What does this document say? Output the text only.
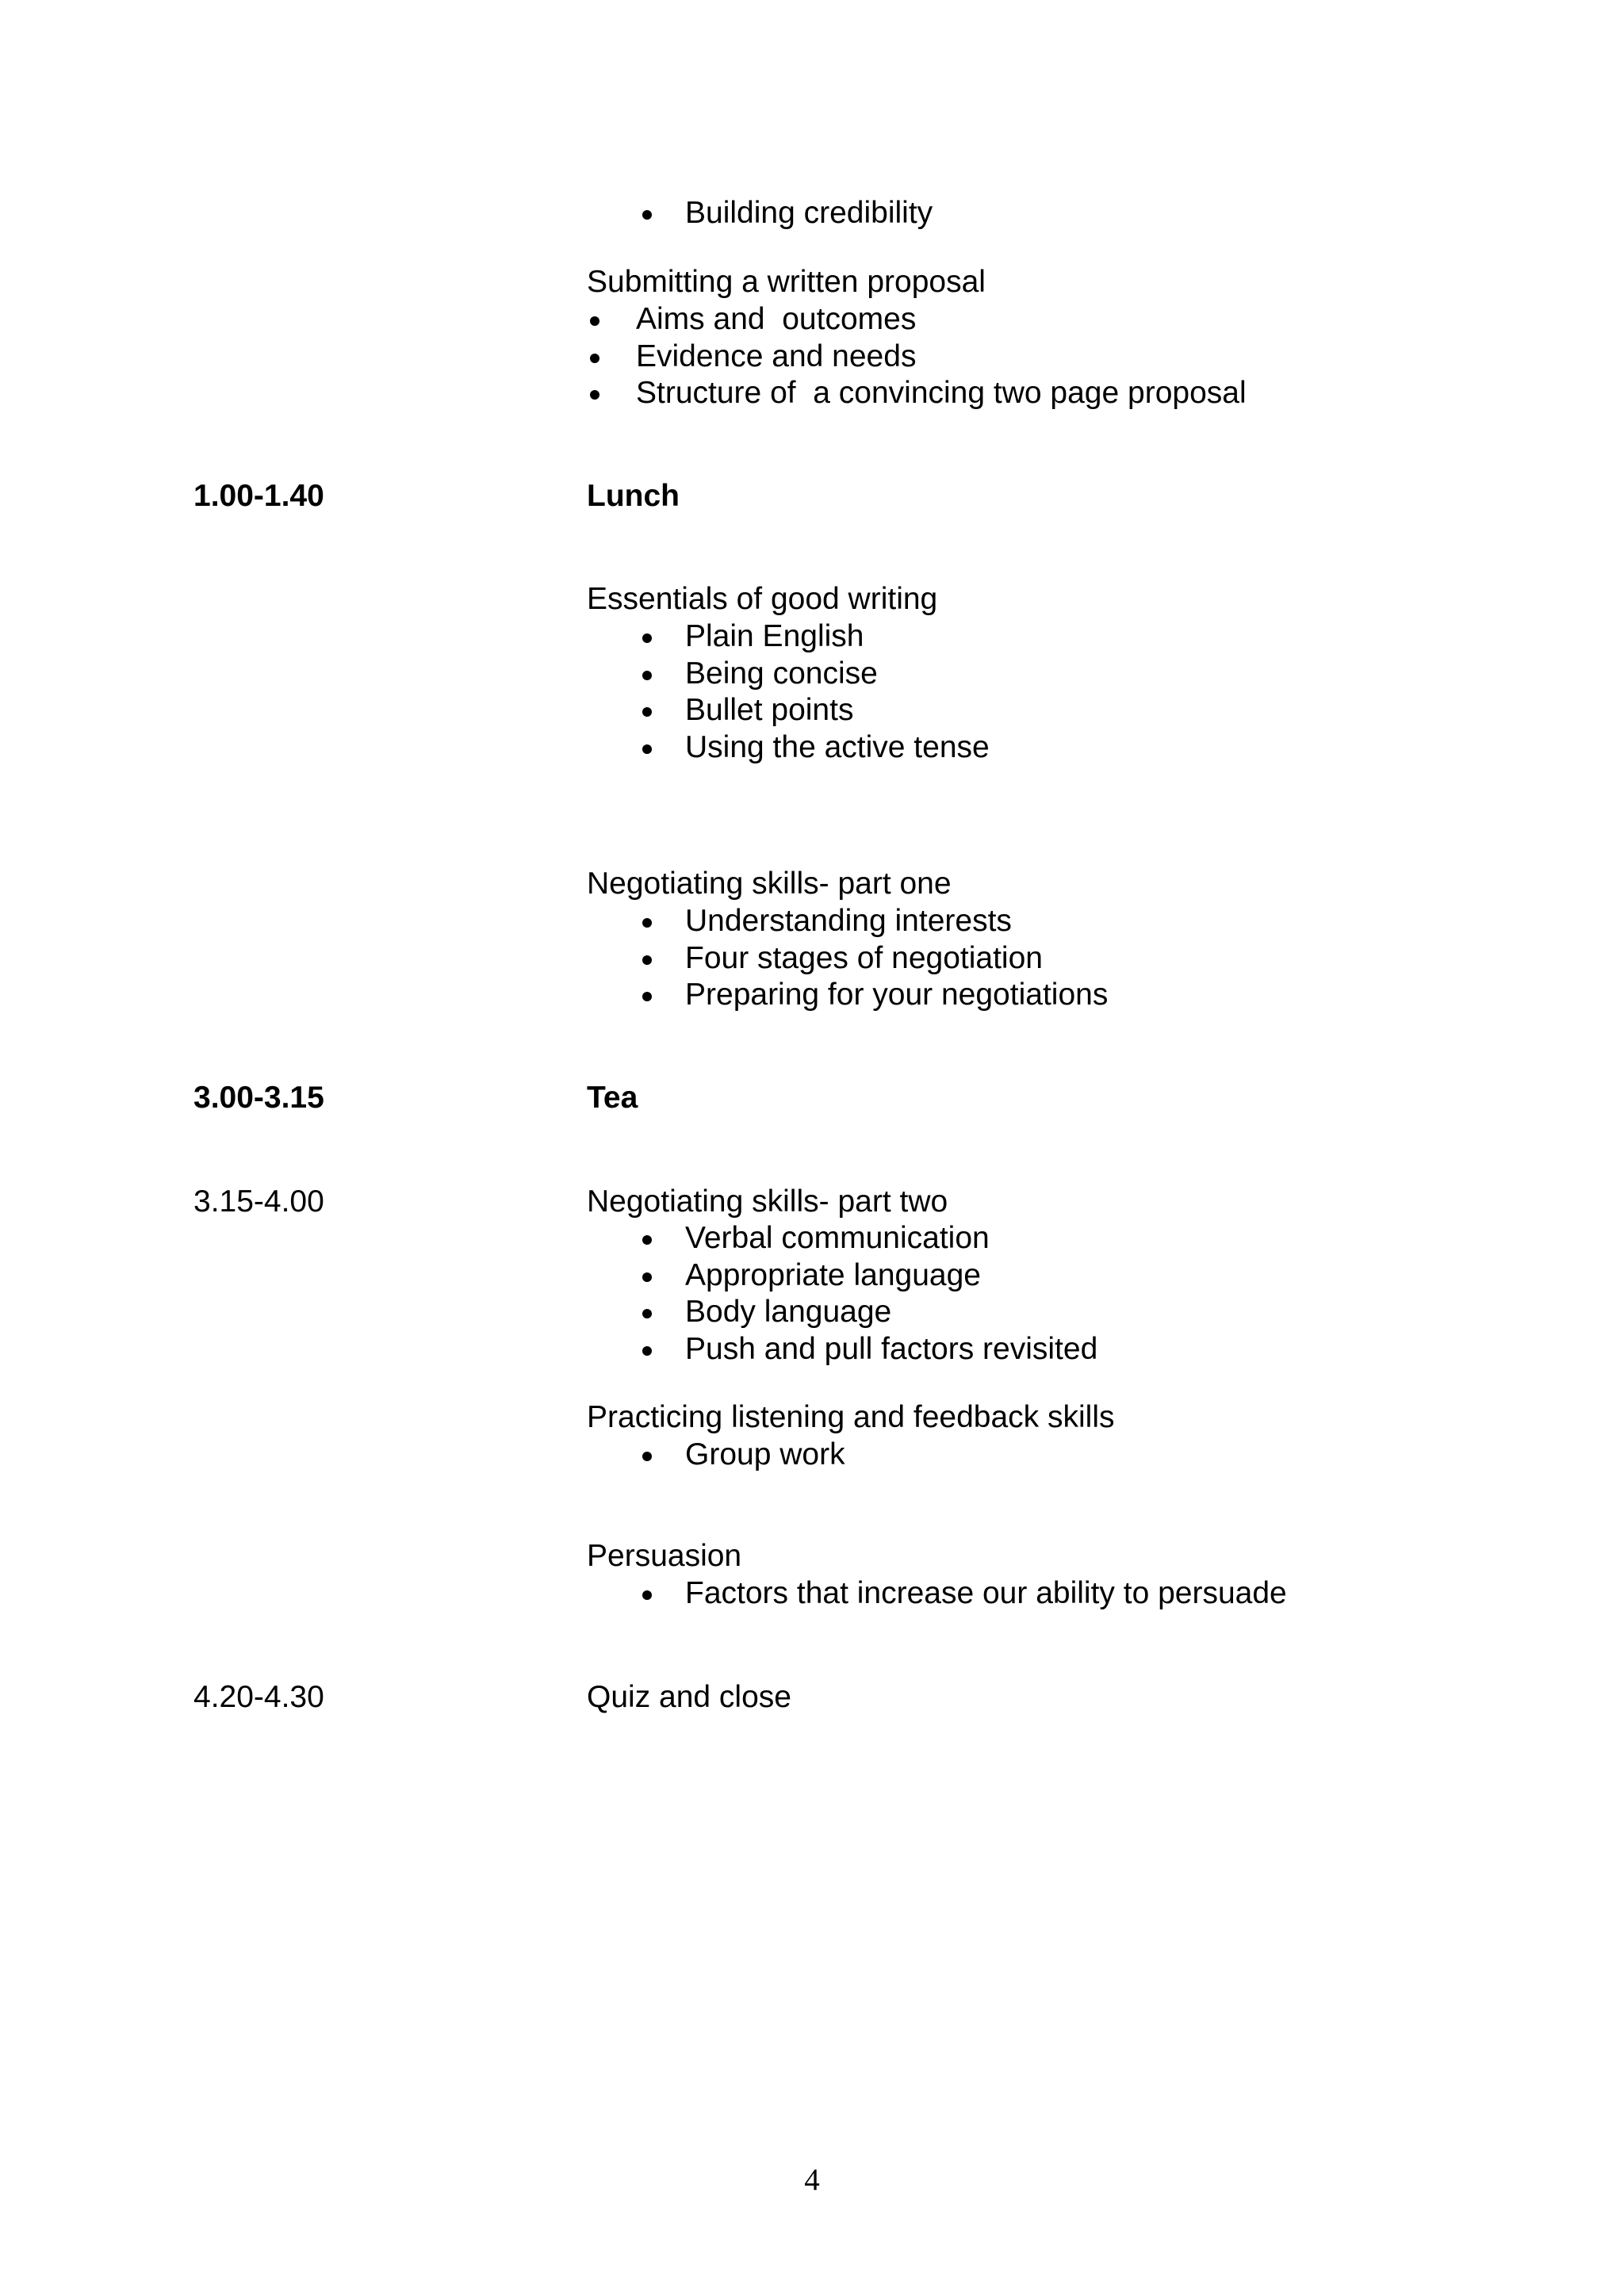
Building credibility
Submitting a written proposal
Aims and  outcomes
Evidence and needs
Structure of  a convincing two page proposal
1.00-1.40	Lunch
Essentials of good writing
Plain English
Being concise
Bullet points
Using the active tense
Negotiating skills- part one
Understanding interests
Four stages of negotiation
Preparing for your negotiations
3.00-3.15	Tea
3.15-4.00	Negotiating skills- part two
Verbal communication
Appropriate language
Body language
Push and pull factors revisited
Practicing listening and feedback skills
Group work
Persuasion
Factors that increase our ability to persuade
4.20-4.30	Quiz and close
4
